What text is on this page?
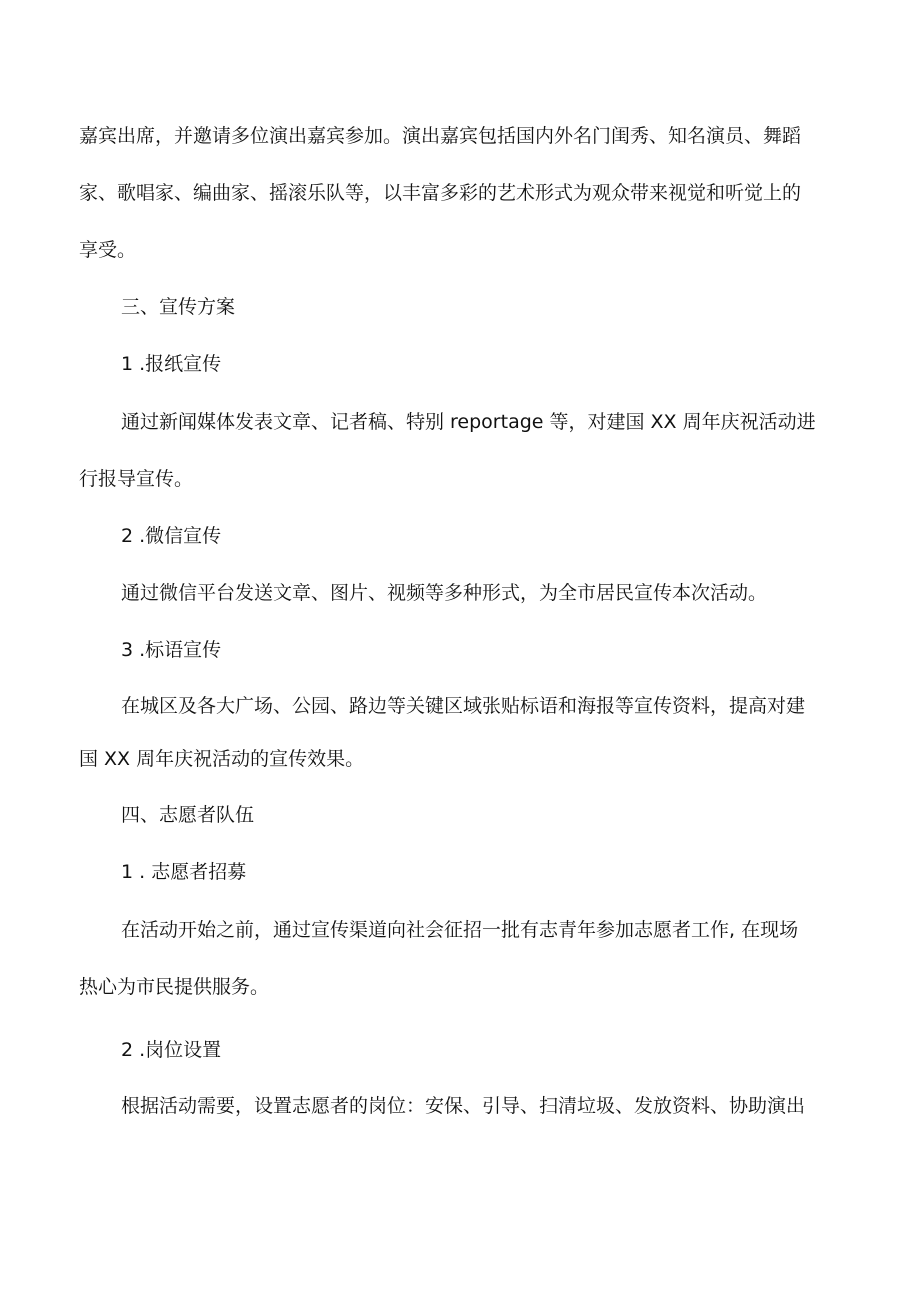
嘉宾出席，并邀请多位演出嘉宾参加。演出嘉宾包括国内外名门闺秀、知名演员、舞蹈
家、歌唱家、编曲家、摇滚乐队等，以丰富多彩的艺术形式为观众带来视觉和听觉上的
享受。
三、宣传方案
1 .报纸宣传
通过新闻媒体发表文章、记者稿、特别 reportage 等，对建国 XX 周年庆祝活动进
行报导宣传。
2 .微信宣传
通过微信平台发送文章、图片、视频等多种形式，为全市居民宣传本次活动。
3 .标语宣传
在城区及各大广场、公园、路边等关键区域张贴标语和海报等宣传资料，提高对建
国 XX 周年庆祝活动的宣传效果。
四、志愿者队伍
1 . 志愿者招募
在活动开始之前，通过宣传渠道向社会征招一批有志青年参加志愿者工作, 在现场
热心为市民提供服务。
2 .岗位设置
根据活动需要，设置志愿者的岗位：安保、引导、扫清垃圾、发放资料、协助演出
